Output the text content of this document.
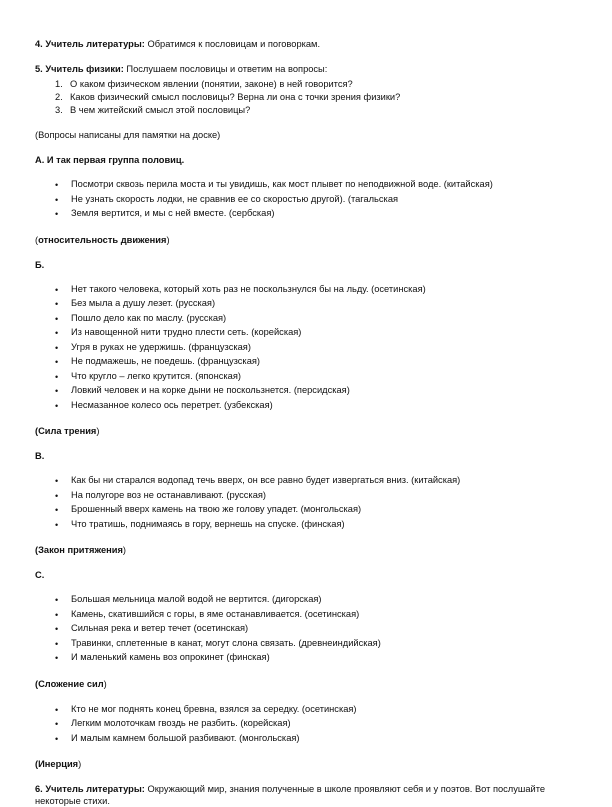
4. Учитель литературы: Обратимся к пословицам и поговоркам.

5. Учитель физики: Послушаем пословицы и ответим на вопросы:

1. О каком физическом явлении (понятии, законе) в ней говорится?
2. Каков физический смысл пословицы? Верна ли она с точки зрения физики?
3. В чем житейский смысл этой пословицы?

(Вопросы написаны для памятки на доске)

А. И так первая группа половиц.

• Посмотри сквозь перила моста и ты увидишь, как мост плывет по неподвижной воде. (китайская)
• Не узнать скорость лодки, не сравнив ее со скоростью другой). (тагальская
• Земля вертится, и мы с ней вместе. (сербская)

(относительность движения)

Б.

• Нет такого человека, который хоть раз не поскользнулся бы на льду. (осетинская)
• Без мыла а душу лезет. (русская)
• Пошло дело как по маслу. (русская)
• Из навощенной нити трудно плести сеть. (корейская)
• Угря в руках не удержишь. (французская)
• Не подмажешь, не поедешь. (французская)
• Что кругло – легко крутится. (японская)
• Ловкий человек и на корке дыни не поскользнется. (персидская)
• Несмазанное колесо ось перетрет. (узбекская)

(Сила трения)

В.

• Как бы ни старался водопад течь вверх, он все равно будет извергаться вниз. (китайская)
• На полугоре воз не останавливают. (русская)
• Брошенный вверх камень на твою же голову упадет. (монгольская)
• Что тратишь, поднимаясь в гору, вернешь на спуске. (финская)

(Закон притяжения)

С.

• Большая мельница малой водой не вертится. (дигорская)
• Камень, скатившийся с горы, в яме останавливается. (осетинская)
• Сильная река и ветер течет (осетинская)
• Травинки, сплетенные в канат, могут слона связать. (древнеиндийская)
• И маленький камень воз опрокинет (финская)

(Сложение сил)

• Кто не мог поднять конец бревна, взялся за середку. (осетинская)
• Легким молоточкам гвоздь не разбить. (корейская)
• И малым камнем большой разбивают. (монгольская)

(Инерция)

6. Учитель литературы: Окружающий мир, знания полученные в школе проявляют себя и у поэтов. Вот послушайте некоторые стихи.
